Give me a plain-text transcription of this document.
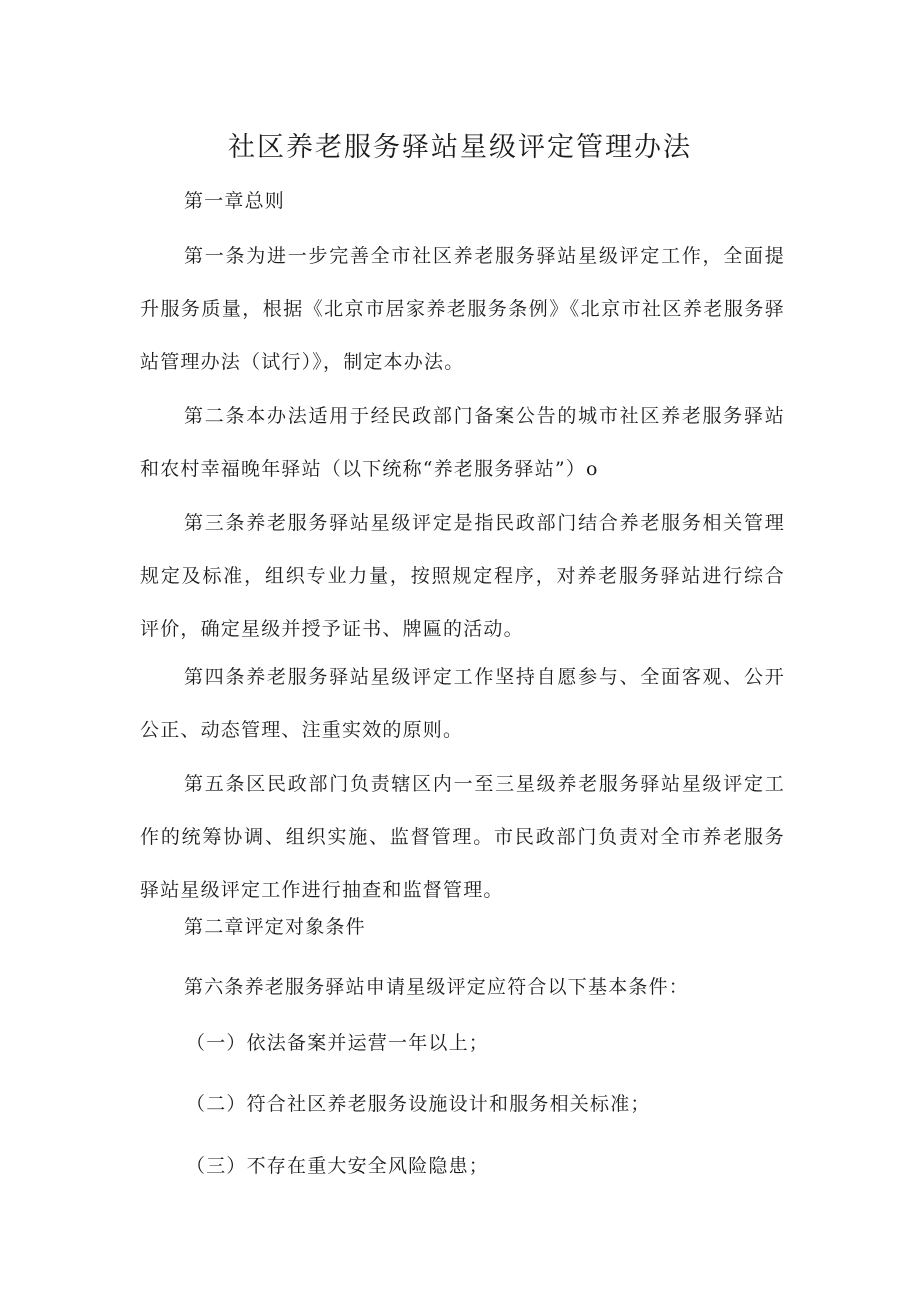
社区养老服务驿站星级评定管理办法

第一章总则

第一条为进一步完善全市社区养老服务驿站星级评定工作，全面提升服务质量，根据《北京市居家养老服务条例》《北京市社区养老服务驿站管理办法（试行）》，制定本办法。

第二条本办法适用于经民政部门备案公告的城市社区养老服务驿站和农村幸福晚年驿站（以下统称“养老服务驿站”）o

第三条养老服务驿站星级评定是指民政部门结合养老服务相关管理规定及标准，组织专业力量，按照规定程序，对养老服务驿站进行综合评价，确定星级并授予证书、牌匾的活动。

第四条养老服务驿站星级评定工作坚持自愿参与、全面客观、公开公正、动态管理、注重实效的原则。

第五条区民政部门负责辖区内一至三星级养老服务驿站星级评定工作的统筹协调、组织实施、监督管理。市民政部门负责对全市养老服务驿站星级评定工作进行抽查和监督管理。

第二章评定对象条件

第六条养老服务驿站申请星级评定应符合以下基本条件：

（一）依法备案并运营一年以上；

（二）符合社区养老服务设施设计和服务相关标准；

（三）不存在重大安全风险隐患；
